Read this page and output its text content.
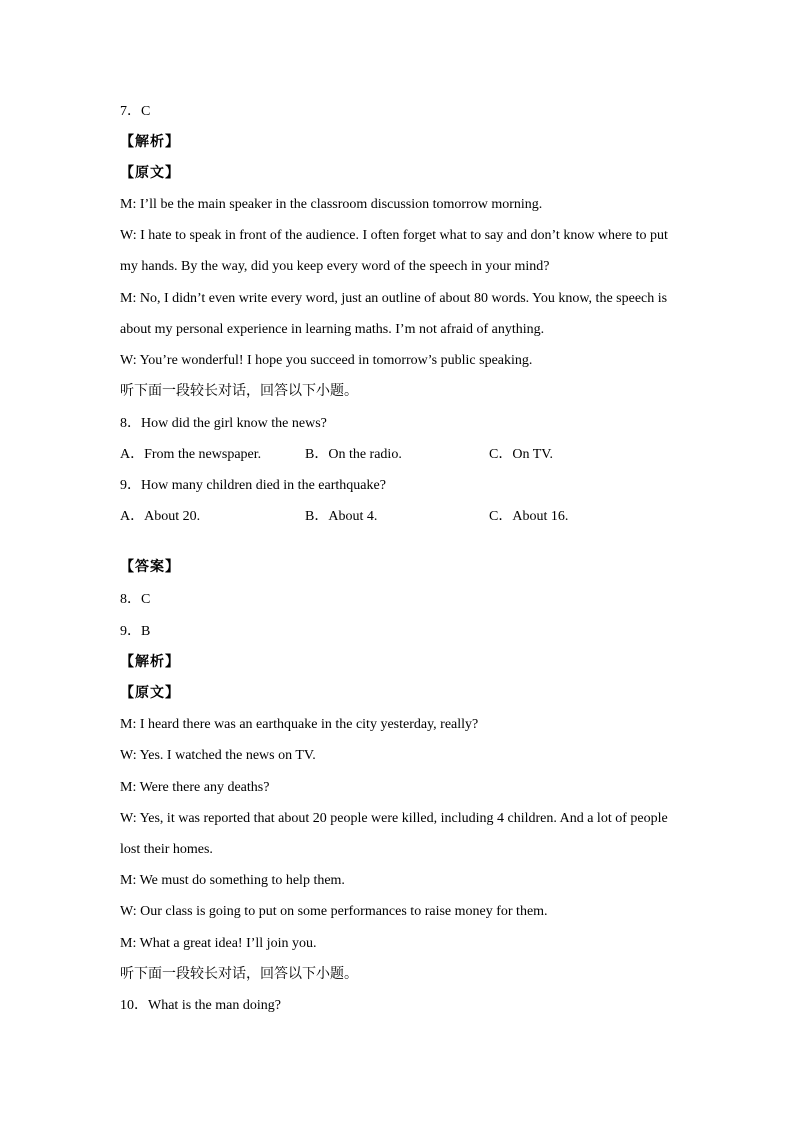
7．C
【解析】
【原文】
M: I’ll be the main speaker in the classroom discussion tomorrow morning.
W: I hate to speak in front of the audience. I often forget what to say and don’t know where to put
my hands. By the way, did you keep every word of the speech in your mind?
M: No, I didn’t even write every word, just an outline of about 80 words. You know, the speech is
about my personal experience in learning maths. I’m not afraid of anything.
W: You’re wonderful! I hope you succeed in tomorrow’s public speaking.
听下面一段较长对话，回答以下小题。
8．How did the girl know the news?
A．From the newspaper.	B．On the radio.	C．On TV.
9．How many children died in the earthquake?
A．About 20.	B．About 4.	C．About 16.
【答案】
8．C
9．B
【解析】
【原文】
M: I heard there was an earthquake in the city yesterday, really?
W: Yes. I watched the news on TV.
M: Were there any deaths?
W: Yes, it was reported that about 20 people were killed, including 4 children. And a lot of people
lost their homes.
M: We must do something to help them.
W: Our class is going to put on some performances to raise money for them.
M: What a great idea! I’ll join you.
听下面一段较长对话，回答以下小题。
10．What is the man doing?
